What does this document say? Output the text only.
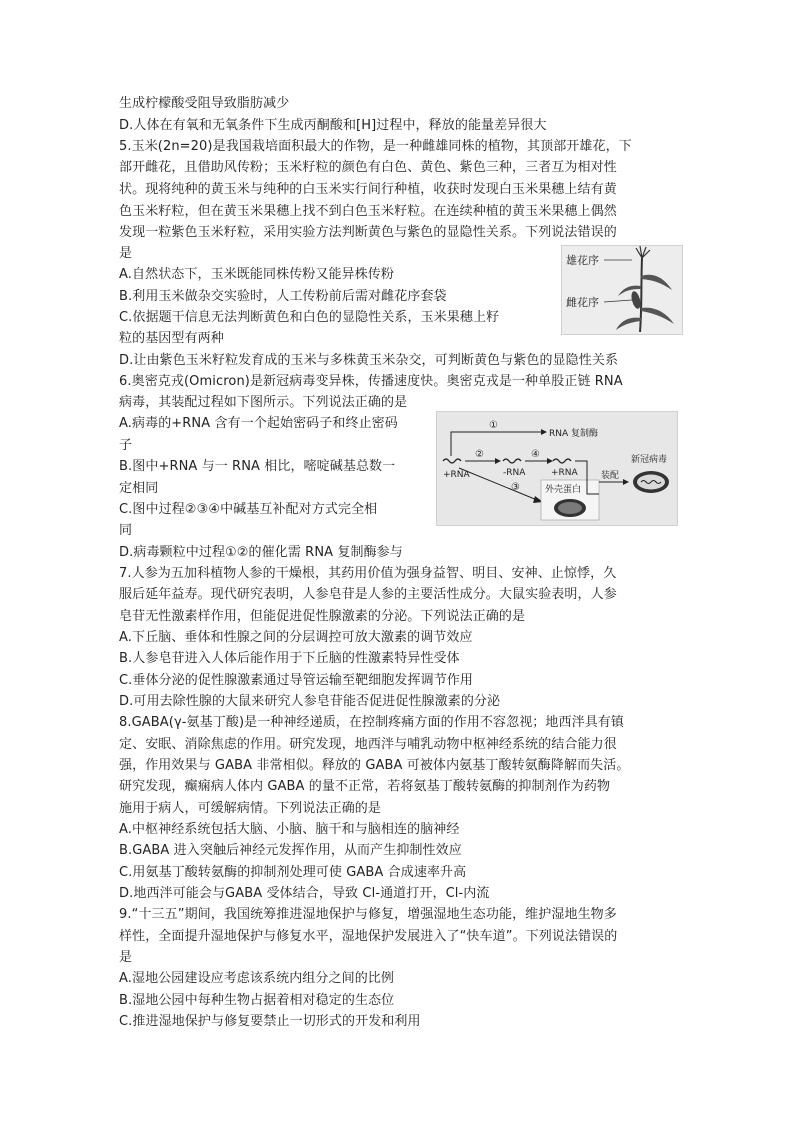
生成柠檬酸受阻导致脂肪减少
D.人体在有氧和无氧条件下生成丙酮酸和[H]过程中，释放的能量差异很大
5.玉米(2n=20)是我国栽培面积最大的作物，是一种雌雄同株的植物，其顶部开雄花，下
部开雌花，且借助风传粉；玉米籽粒的颜色有白色、黄色、紫色三种，三者互为相对性
状。现将纯种的黄玉米与纯种的白玉米实行间行种植，收获时发现白玉米果穗上结有黄
色玉米籽粒，但在黄玉米果穗上找不到白色玉米籽粒。在连续种植的黄玉米果穗上偶然
发现一粒紫色玉米籽粒，采用实验方法判断黄色与紫色的显隐性关系。下列说法错误的
是
A.自然状态下，玉米既能同株传粉又能异株传粉
B.利用玉米做杂交实验时，人工传粉前后需对雌花序套袋
C.依据题干信息无法判断黄色和白色的显隐性关系，玉米果穗上籽
粒的基因型有两种
D.让由紫色玉米籽粒发育成的玉米与多株黄玉米杂交，可判断黄色与紫色的显隐性关系
6.奥密克戎(Omicron)是新冠病毒变异株，传播速度快。奥密克戎是一种单股正链 RNA
病毒，其装配过程如下图所示。下列说法正确的是
A.病毒的+RNA 含有一个起始密码子和终止密码
子
B.图中+RNA 与一 RNA 相比，嘧啶碱基总数一
定相同
C.图中过程②③④中碱基互补配对方式完全相
同
D.病毒颗粒中过程①②的催化需 RNA 复制酶参与
7.人参为五加科植物人参的干燥根，其药用价值为强身益智、明目、安神、止惊悸，久
服后延年益寿。现代研究表明，人参皂苷是人参的主要活性成分。大鼠实验表明，人参
皂苷无性激素样作用，但能促进促性腺激素的分泌。下列说法正确的是
A.下丘脑、垂体和性腺之间的分层调控可放大激素的调节效应
B.人参皂苷进入人体后能作用于下丘脑的性激素特异性受体
C.垂体分泌的促性腺激素通过导管运输至靶细胞发挥调节作用
D.可用去除性腺的大鼠来研究人参皂苷能否促进促性腺激素的分泌
8.GABA(γ-氨基丁酸)是一种神经递质，在控制疼痛方面的作用不容忽视；地西泮具有镇
定、安眠、消除焦虑的作用。研究发现，地西泮与哺乳动物中枢神经系统的结合能力很
强，作用效果与 GABA 非常相似。释放的 GABA 可被体内氨基丁酸转氨酶降解而失活。
研究发现，癫痫病人体内 GABA 的量不正常，若将氨基丁酸转氨酶的抑制剂作为药物
施用于病人，可缓解病情。下列说法正确的是
A.中枢神经系统包括大脑、小脑、脑干和与脑相连的脑神经
B.GABA 进入突触后神经元发挥作用，从而产生抑制性效应
C.用氨基丁酸转氨酶的抑制剂处理可使 GABA 合成速率升高
D.地西泮可能会与GABA 受体结合，导致 Cl-通道打开，Cl-内流
9.“十三五”期间，我国统筹推进湿地保护与修复，增强湿地生态功能，维护湿地生物多
样性，全面提升湿地保护与修复水平，湿地保护发展进入了“快车道”。下列说法错误的
是
A.湿地公园建设应考虑该系统内组分之间的比例
B.湿地公园中每种生物占据着相对稳定的生态位
C.推进湿地保护与修复要禁止一切形式的开发和利用
雄花序
雌花序
+RNA
①
RNA 复制酶
②
-RNA
④
+RNA
③	外壳蛋白
装配
新冠病毒
